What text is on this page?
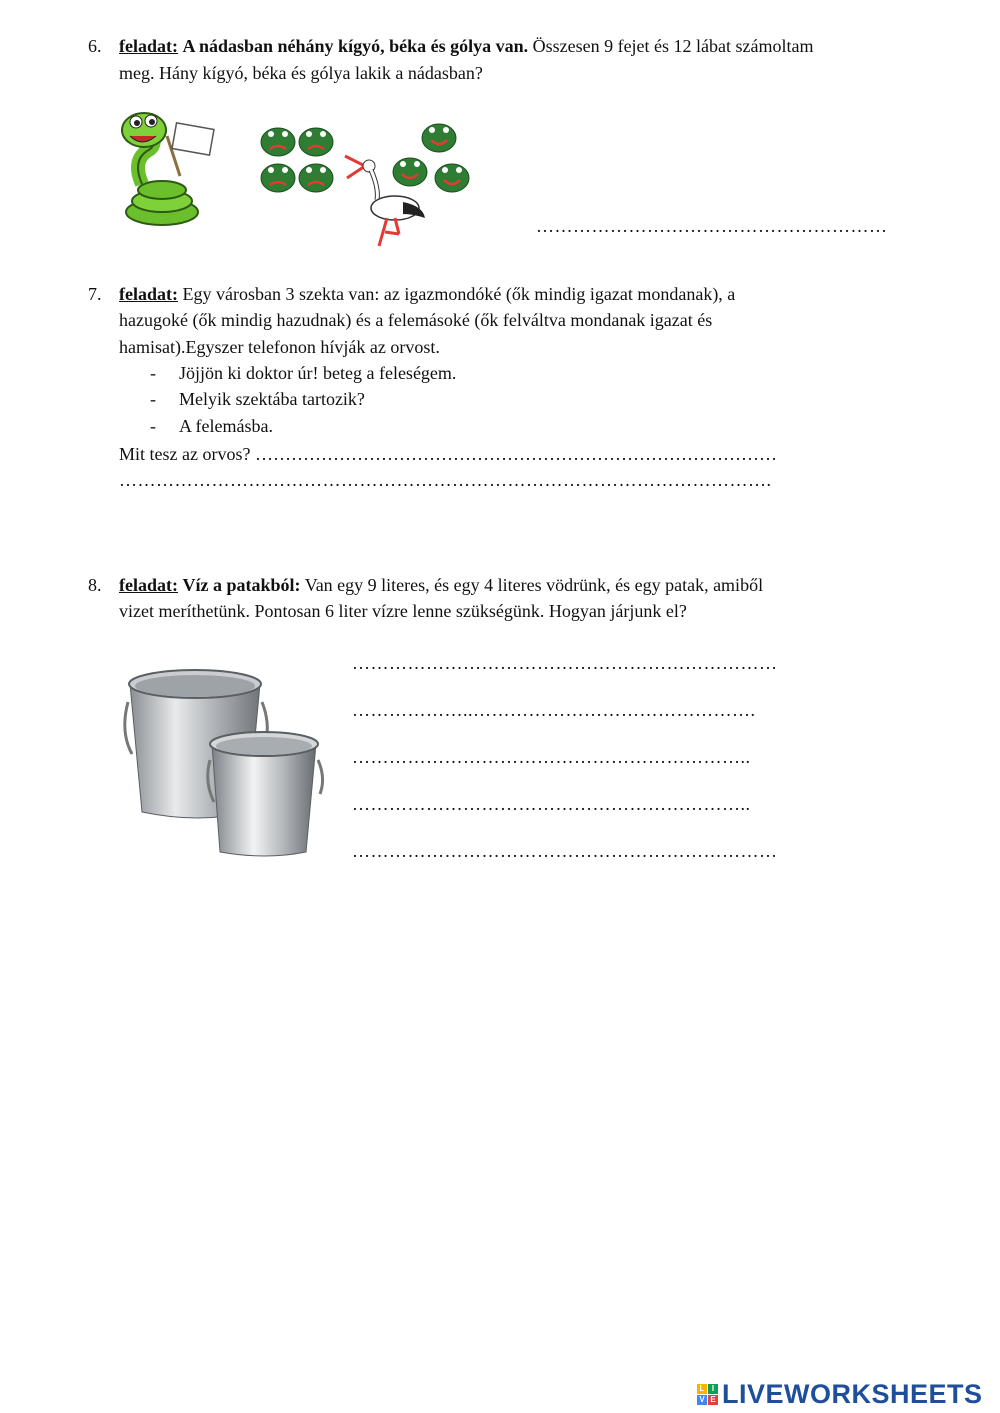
6. feladat: A nádasban néhány kígyó, béka és gólya van. Összesen 9 fejet és 12 lábat számoltam
meg. Hány kígyó, béka és gólya lakik a nádasban?
…………………………………………………
7. feladat: Egy városban 3 szekta van: az igazmondóké (ők mindig igazat mondanak), a
hazugoké (ők mindig hazudnak) és a felemásoké (ők felváltva mondanak igazat és
hamisat).Egyszer telefonon hívják az orvost.
- Jöjjön ki doktor úr! beteg a feleségem.
- Melyik szektába tartozik?
- A felemásba.
Mit tesz az orvos? ……………………………………………………………………………
…………………………………………………………………………………………….
8. feladat: Víz a patakból: Van egy 9 literes, és egy 4 literes vödrünk, és egy patak, amiből
vizet meríthetünk. Pontosan 6 liter vízre lenne szükségünk. Hogyan járjunk el?
……………………………………………………………
………………..……………………………………….
………………………………………………………..
………………………………………………………..
……………………………………………………………
L I
V E LIVEWORKSHEETS
